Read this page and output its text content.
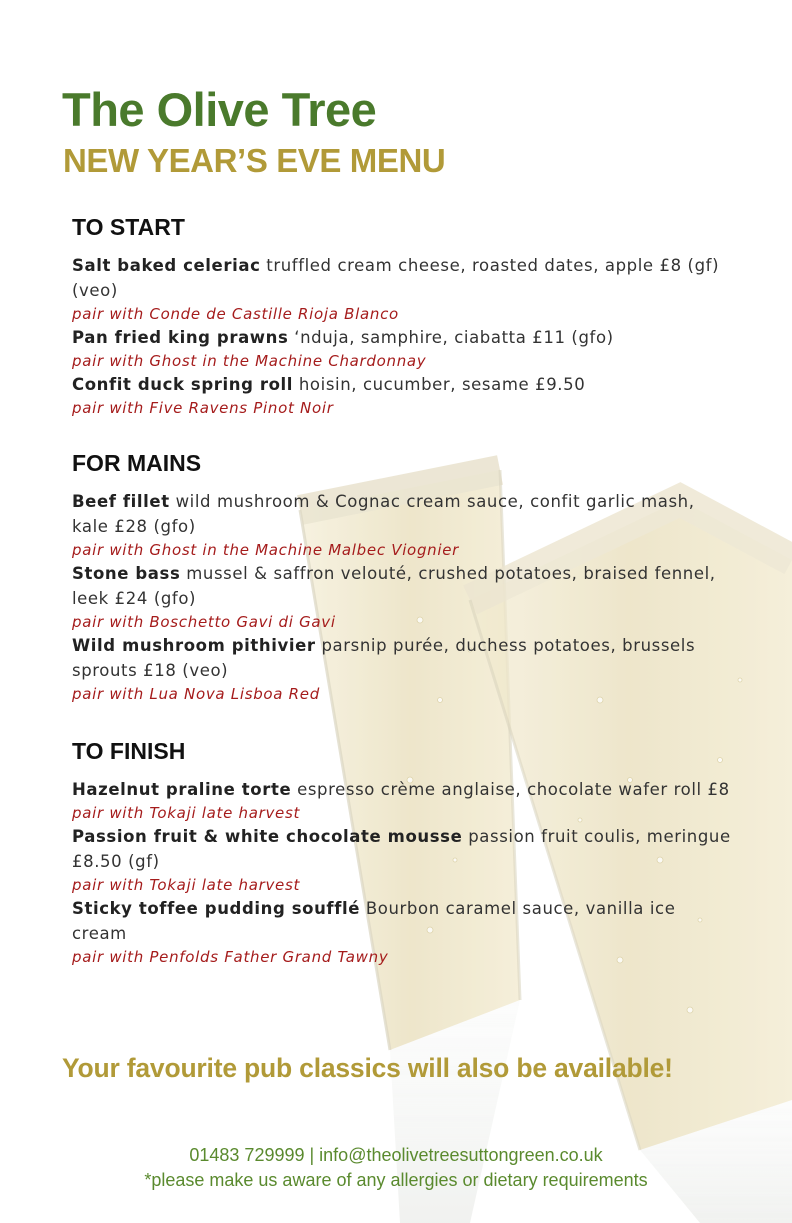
The Olive Tree
NEW YEAR’S EVE MENU
TO START
Salt baked celeriac truffled cream cheese, roasted dates, apple £8 (gf)(veo)
pair with Conde de Castille Rioja Blanco
Pan fried king prawns ‘nduja, samphire, ciabatta £11 (gfo)
pair with Ghost in the Machine Chardonnay
Confit duck spring roll hoisin, cucumber, sesame £9.50
pair with Five Ravens Pinot Noir
FOR MAINS
Beef fillet wild mushroom & Cognac cream sauce, confit garlic mash, kale £28 (gfo)
pair with Ghost in the Machine Malbec Viognier
Stone bass mussel & saffron velouté, crushed potatoes, braised fennel, leek £24 (gfo)
pair with Boschetto Gavi di Gavi
Wild mushroom pithivier parsnip purée, duchess potatoes, brussels sprouts £18 (veo)
pair with Lua Nova Lisboa Red
TO FINISH
Hazelnut praline torte espresso crème anglaise, chocolate wafer roll £8
pair with Tokaji late harvest
Passion fruit & white chocolate mousse passion fruit coulis, meringue £8.50 (gf)
pair with Tokaji late harvest
Sticky toffee pudding soufflé Bourbon caramel sauce, vanilla ice cream
pair with Penfolds Father Grand Tawny

Your favourite pub classics will also be available!

01483 729999 | info@theolivetreesuttongreen.co.uk
*please make us aware of any allergies or dietary requirements
